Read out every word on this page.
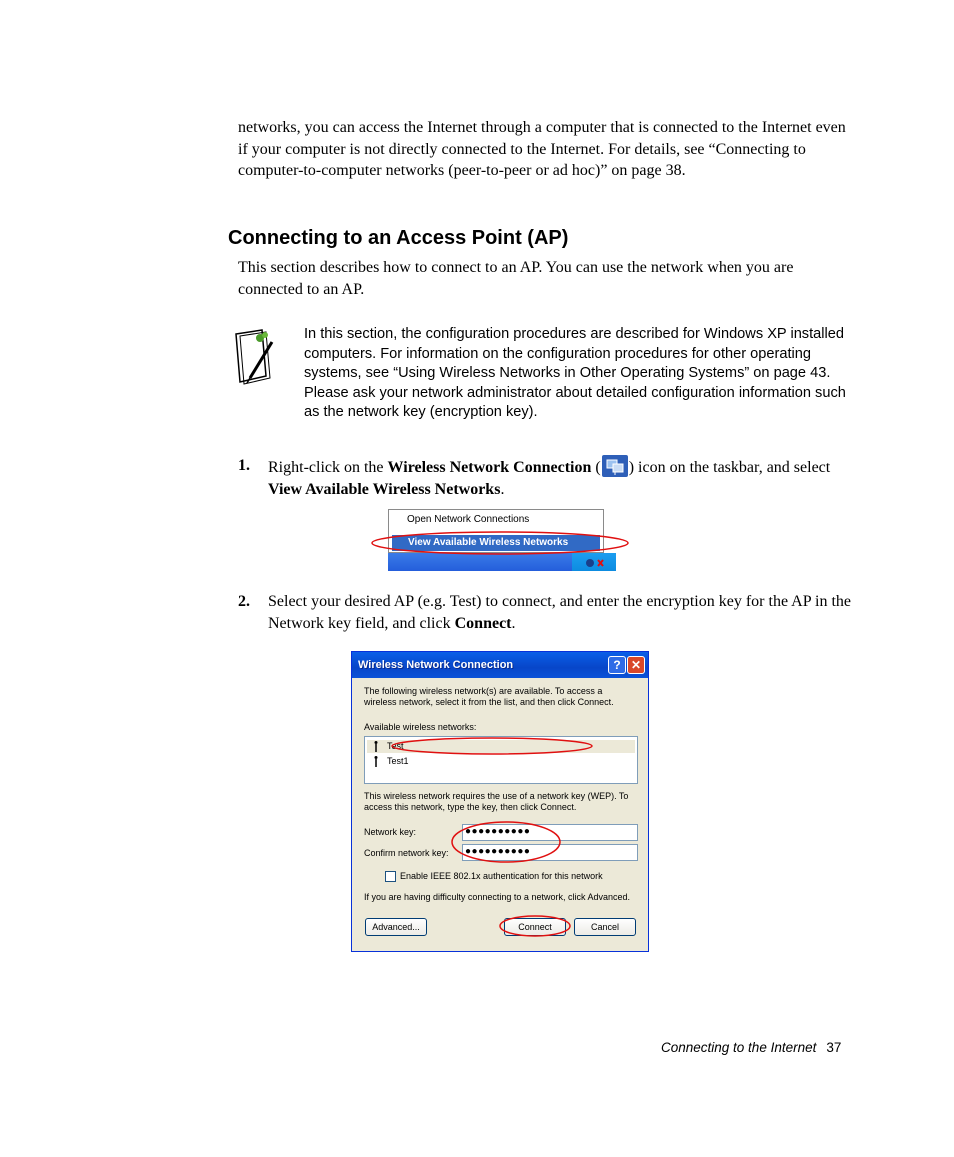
networks, you can access the Internet through a computer that is connected to the Internet even if your computer is not directly connected to the Internet. For details, see “Connecting to computer-to-computer networks (peer-to-peer or ad hoc)” on page 38.
Connecting to an Access Point (AP)
This section describes how to connect to an AP. You can use the network when you are connected to an AP.
In this section, the configuration procedures are described for Windows XP installed computers. For information on the configuration procedures for other operating systems, see “Using Wireless Networks in Other Operating Systems” on page 43. Please ask your network administrator about detailed configuration information such as the network key (encryption key).
1. Right-click on the Wireless Network Connection ( ) icon on the taskbar, and select View Available Wireless Networks.
Open Network Connections
View Available Wireless Networks
2. Select your desired AP (e.g. Test) to connect, and enter the encryption key for the AP in the Network key field, and click Connect.
Wireless Network Connection	? ✕
The following wireless network(s) are available. To access a wireless network, select it from the list, and then click Connect.
Available wireless networks:
Test
Test1
This wireless network requires the use of a network key (WEP). To access this network, type the key, then click Connect.
Network key:	●●●●●●●●●●
Confirm network key:	●●●●●●●●●●
Enable IEEE 802.1x authentication for this network
If you are having difficulty connecting to a network, click Advanced.
Advanced...	Connect	Cancel
Connecting to the Internet 37
